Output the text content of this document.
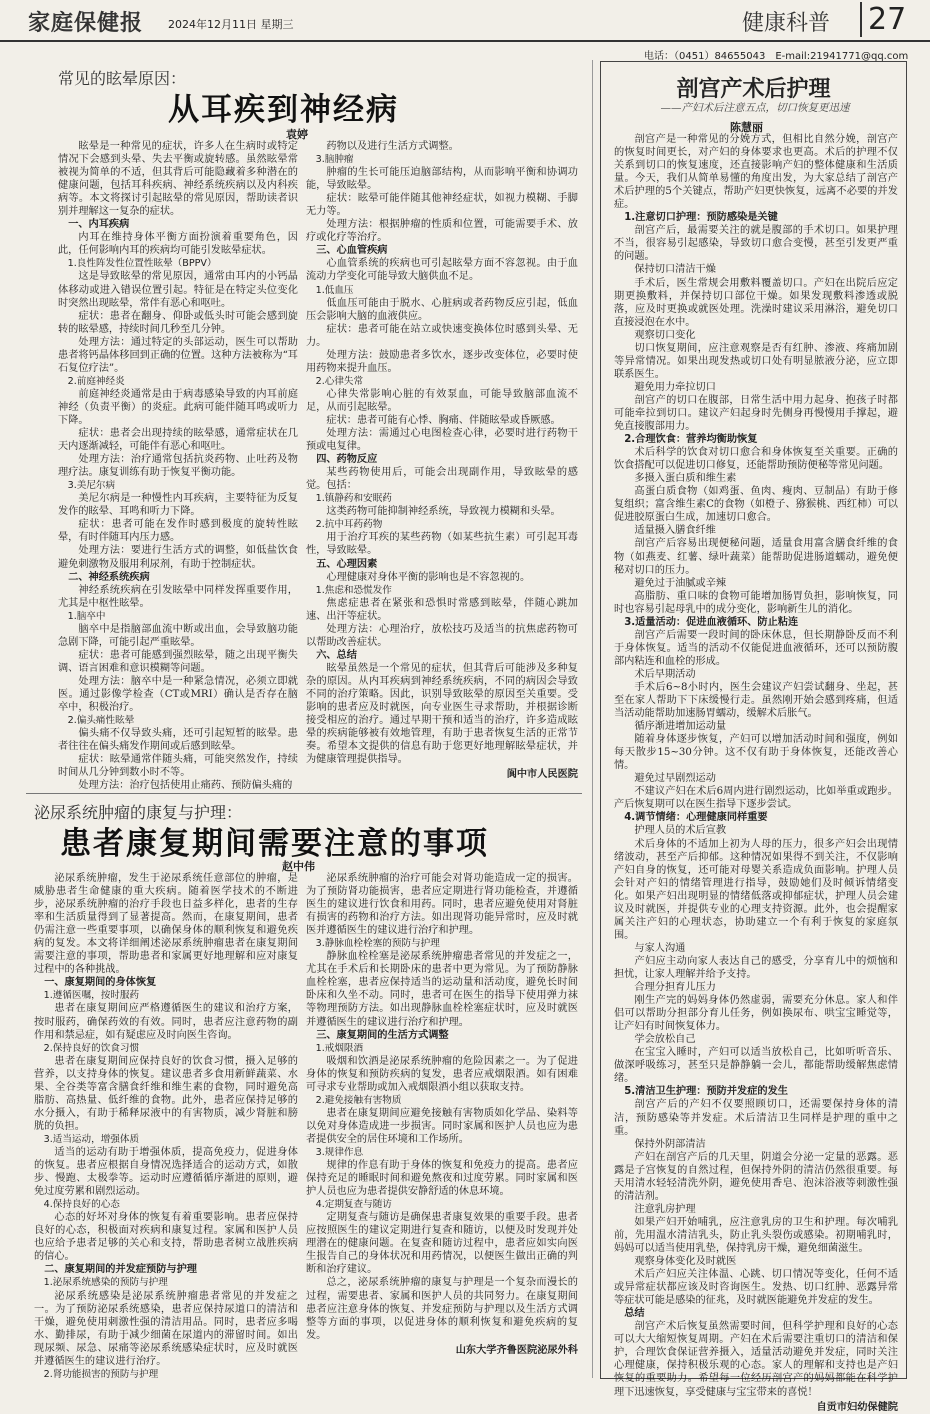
家庭保健报 2024年12月11日 星期三	健康科普 27
电话：（0451）84655043　E-mail:21941771@qq.com
常见的眩晕原因：
从耳疾到神经病
袁婷

眩晕是一种常见的症状，许多人在生病时或特定情况下会感到头晕、失去平衡或旋转感。虽然眩晕常被视为简单的不适，但其背后可能隐藏着多种潜在的健康问题，包括耳科疾病、神经系统疾病以及内科疾病等。本文将探讨引起眩晕的常见原因，帮助读者识别并理解这一复杂的症状。

一、内耳疾病

内耳在维持身体平衡方面扮演着重要角色，因此，任何影响内耳的疾病均可能引发眩晕症状。

1.良性阵发性位置性眩晕（BPPV）

这是导致眩晕的常见原因，通常由耳内的小钙晶体移动或进入错误位置引起。特征是在特定头位变化时突然出现眩晕，常伴有恶心和呕吐。

症状：患者在翻身、仰卧或低头时可能会感到旋转的眩晕感，持续时间几秒至几分钟。

处理方法：通过特定的头部运动，医生可以帮助患者将钙晶体移回到正确的位置。这种方法被称为“耳石复位疗法”。

2.前庭神经炎

前庭神经炎通常是由于病毒感染导致的内耳前庭神经（负责平衡）的炎症。此病可能伴随耳鸣或听力下降。

症状：患者会出现持续的眩晕感，通常症状在几天内逐渐减轻，可能伴有恶心和呕吐。

处理方法：治疗通常包括抗炎药物、止吐药及物理疗法。康复训练有助于恢复平衡功能。

3.美尼尔病

美尼尔病是一种慢性内耳疾病，主要特征为反复发作的眩晕、耳鸣和听力下降。

症状：患者可能在发作时感到极度的旋转性眩晕，有时伴随耳内压力感。

处理方法：要进行生活方式的调整，如低盐饮食避免刺激物及服用利尿剂，有助于控制症状。

二、神经系统疾病

神经系统疾病在引发眩晕中同样发挥重要作用，尤其是中枢性眩晕。

1.脑卒中

脑卒中是指脑部血流中断或出血，会导致脑功能急剧下降，可能引起严重眩晕。

症状：患者可能感到强烈眩晕，随之出现平衡失调、语言困难和意识模糊等问题。

处理方法：脑卒中是一种紧急情况，必须立即就医。通过影像学检查（CT或MRI）确认是否存在脑卒中，积极治疗。

2.偏头痛性眩晕

偏头痛不仅导致头痛，还可引起短暂的眩晕。患者往往在偏头痛发作期间或后感到眩晕。

症状：眩晕通常伴随头痛，可能突然发作，持续时间从几分钟到数小时不等。

处理方法：治疗包括使用止痛药、预防偏头痛的

药物以及进行生活方式调整。

3.脑肿瘤

肿瘤的生长可能压迫脑部结构，从而影响平衡和协调功能，导致眩晕。

症状：眩晕可能伴随其他神经症状，如视力模糊、手脚无力等。

处理方法：根据肿瘤的性质和位置，可能需要手术、放疗或化疗等治疗。

三、心血管疾病

心血管系统的疾病也可引起眩晕方面不容忽视。由于血流动力学变化可能导致大脑供血不足。

1.低血压

低血压可能由于脱水、心脏病或者药物反应引起，低血压会影响大脑的血液供应。

症状：患者可能在站立或快速变换体位时感到头晕、无力。

处理方法：鼓励患者多饮水，逐步改变体位，必要时使用药物来提升血压。

2.心律失常

心律失常影响心脏的有效泵血，可能导致脑部血流不足，从而引起眩晕。

症状：患者可能有心悸、胸痛、伴随眩晕或昏厥感。

处理方法：需通过心电图检查心律，必要时进行药物干预或电复律。

四、药物反应

某些药物使用后，可能会出现副作用，导致眩晕的感觉。包括：

1.镇静药和安眠药

这类药物可能抑制神经系统，导致视力模糊和头晕。

2.抗中耳药药物

用于治疗耳疾的某些药物（如某些抗生素）可引起耳毒性，导致眩晕。

五、心理因素

心理健康对身体平衡的影响也是不容忽视的。

1.焦虑和恐慌发作

焦虑症患者在紧张和恐惧时常感到眩晕，伴随心跳加速、出汗等症状。

处理方法：心理治疗，放松技巧及适当的抗焦虑药物可以帮助改善症状。

六、总结

眩晕虽然是一个常见的症状，但其背后可能涉及多种复杂的原因。从内耳疾病到神经系统疾病，不同的病因会导致不同的治疗策略。因此，识别导致眩晕的原因至关重要。受影响的患者应及时就医，向专业医生寻求帮助，并根据诊断接受相应的治疗。通过早期干预和适当的治疗，许多造成眩晕的疾病能够被有效地管理，有助于患者恢复生活的正常节奏。希望本文提供的信息有助于您更好地理解眩晕症状，并为健康管理提供指导。

阆中市人民医院

泌尿系统肿瘤的康复与护理：
患者康复期间需要注意的事项
赵中伟

泌尿系统肿瘤，发生于泌尿系统任意部位的肿瘤，是威胁患者生命健康的重大疾病。随着医学技术的不断进步，泌尿系统肿瘤的治疗手段也日益多样化，患者的生存率和生活质量得到了显著提高。然而，在康复期间，患者仍需注意一些重要事项，以确保身体的顺利恢复和避免疾病的复发。本文将详细阐述泌尿系统肿瘤患者在康复期间需要注意的事项，帮助患者和家属更好地理解和应对康复过程中的各种挑战。

一、康复期间的身体恢复

1.遵循医嘱，按时服药

患者在康复期间应严格遵循医生的建议和治疗方案，按时服药，确保药效的有效。同时，患者应注意药物的副作用和禁忌症，如有疑虑应及时向医生咨询。

2.保持良好的饮食习惯

患者在康复期间应保持良好的饮食习惯，摄入足够的营养，以支持身体的恢复。建议患者多食用新鲜蔬菜、水果、全谷类等富含膳食纤维和维生素的食物，同时避免高脂肪、高热量、低纤维的食物。此外，患者应保持足够的水分摄入，有助于稀释尿液中的有害物质，减少肾脏和膀胱的负担。

3.适当运动，增强体质

适当的运动有助于增强体质，提高免疫力，促进身体的恢复。患者应根据自身情况选择适合的运动方式，如散步、慢跑、太极拳等。运动时应遵循循序渐进的原则，避免过度劳累和剧烈运动。

4.保持良好的心态

心态的好坏对身体的恢复有着重要影响。患者应保持良好的心态，积极面对疾病和康复过程。家属和医护人员也应给予患者足够的关心和支持，帮助患者树立战胜疾病的信心。

二、康复期间的并发症预防与护理

1.泌尿系统感染的预防与护理

泌尿系统感染是泌尿系统肿瘤患者常见的并发症之一。为了预防泌尿系统感染，患者应保持尿道口的清洁和干燥，避免使用刺激性强的清洁用品。同时，患者应多喝水、勤排尿，有助于减少细菌在尿道内的滞留时间。如出现尿频、尿急、尿痛等泌尿系统感染症状时，应及时就医并遵循医生的建议进行治疗。

2.肾功能损害的预防与护理

泌尿系统肿瘤的治疗可能会对肾功能造成一定的损害。为了预防肾功能损害，患者应定期进行肾功能检查，并遵循医生的建议进行饮食和用药。同时，患者应避免使用对肾脏有损害的药物和治疗方法。如出现肾功能异常时，应及时就医并遵循医生的建议进行治疗和护理。

3.静脉血栓栓塞的预防与护理

静脉血栓栓塞是泌尿系统肿瘤患者常见的并发症之一，尤其在手术后和长期卧床的患者中更为常见。为了预防静脉血栓栓塞，患者应保持适当的运动量和活动度，避免长时间卧床和久坐不动。同时，患者可在医生的指导下使用弹力袜等物理预防方法。如出现静脉血栓栓塞症状时，应及时就医并遵循医生的建议进行治疗和护理。

三、康复期间的生活方式调整

1.戒烟限酒

吸烟和饮酒是泌尿系统肿瘤的危险因素之一。为了促进身体的恢复和预防疾病的复发，患者应戒烟限酒。如有困难可寻求专业帮助或加入戒烟限酒小组以获取支持。

2.避免接触有害物质

患者在康复期间应避免接触有害物质如化学品、染料等以免对身体造成进一步损害。同时家属和医护人员也应为患者提供安全的居住环境和工作场所。

3.规律作息

规律的作息有助于身体的恢复和免疫力的提高。患者应保持充足的睡眠时间和避免熬夜和过度劳累。同时家属和医护人员也应为患者提供安静舒适的休息环境。

4.定期复查与随访

定期复查与随访是确保患者康复效果的重要手段。患者应按照医生的建议定期进行复查和随访，以便及时发现并处理潜在的健康问题。在复查和随访过程中，患者应如实向医生报告自己的身体状况和用药情况，以便医生做出正确的判断和治疗建议。

总之，泌尿系统肿瘤的康复与护理是一个复杂而漫长的过程，需要患者、家属和医护人员的共同努力。在康复期间患者应注意身体的恢复、并发症预防与护理以及生活方式调整等方面的事项，以促进身体的顺利恢复和避免疾病的复发。

山东大学齐鲁医院泌尿外科

剖宫产术后护理
——产妇术后注意五点，切口恢复更迅速
陈慧丽

剖宫产是一种常见的分娩方式，但相比自然分娩，剖宫产的恢复时间更长，对产妇的身体要求也更高。术后的护理不仅关系到切口的恢复速度，还直接影响产妇的整体健康和生活质量。今天，我们从简单易懂的角度出发，为大家总结了剖宫产术后护理的5个关键点，帮助产妇更快恢复，远离不必要的并发症。

1.注意切口护理：预防感染是关键

剖宫产后，最需要关注的就是腹部的手术切口。如果护理不当，很容易引起感染，导致切口愈合变慢，甚至引发更严重的问题。

保持切口清洁干燥

手术后，医生常规会用敷料覆盖切口。产妇在出院后应定期更换敷料，并保持切口部位干燥。如果发现敷料渗透或脱落，应及时更换或就医处理。洗澡时建议采用淋浴，避免切口直接浸泡在水中。

观察切口变化

切口恢复期间，应注意观察是否有红肿、渗液、疼痛加剧等异常情况。如果出现发热或切口处有明显脓液分泌，应立即联系医生。

避免用力牵拉切口

剖宫产的切口在腹部，日常生活中用力起身、抱孩子时都可能牵拉到切口。建议产妇起身时先侧身再慢慢用手撑起，避免直接腹部用力。

2.合理饮食：营养均衡助恢复

术后科学的饮食对切口愈合和身体恢复至关重要。正确的饮食搭配可以促进切口修复，还能帮助预防便秘等常见问题。

多摄入蛋白质和维生素

高蛋白质食物（如鸡蛋、鱼肉、瘦肉、豆制品）有助于修复组织；富含维生素C的食物（如橙子、猕猴桃、西红柿）可以促进胶原蛋白生成，加速切口愈合。

适量摄入膳食纤维

剖宫产后容易出现便秘问题，适量食用富含膳食纤维的食物（如燕麦、红薯、绿叶蔬菜）能帮助促进肠道蠕动，避免便秘对切口的压力。

避免过于油腻或辛辣

高脂肪、重口味的食物可能增加肠胃负担，影响恢复，同时也容易引起母乳中的成分变化，影响新生儿的消化。

3.适量活动：促进血液循环、防止粘连

剖宫产后需要一段时间的卧床休息，但长期静卧反而不利于身体恢复。适当的活动不仅能促进血液循环，还可以预防腹部内粘连和血栓的形成。

术后早期活动

手术后6~8小时内，医生会建议产妇尝试翻身、坐起，甚至在家人帮助下下床缓慢行走。虽然刚开始会感到疼痛，但适当活动能帮助加速肠胃蠕动，缓解术后胀气。

循序渐进增加运动量

随着身体逐步恢复，产妇可以增加活动时间和强度，例如每天散步15~30分钟。这不仅有助于身体恢复，还能改善心情。

避免过早剧烈运动

不建议产妇在术后6周内进行剧烈运动，比如举重或跑步。产后恢复期可以在医生指导下逐步尝试。

4.调节情绪：心理健康同样重要

护理人员的术后宣教

术后身体的不适加上初为人母的压力，很多产妇会出现情绪波动，甚至产后抑郁。这种情况如果得不到关注，不仅影响产妇自身的恢复，还可能对母婴关系造成负面影响。护理人员会针对产妇的情绪管理进行指导，鼓励她们及时倾诉情绪变化。如果产妇出现明显的情绪低落或抑郁症状，护理人员会建议及时就医，并提供专业的心理支持资源。此外，也会提醒家属关注产妇的心理状态，协助建立一个有利于恢复的家庭氛围。

与家人沟通

产妇应主动向家人表达自己的感受，分享育儿中的烦恼和担忧，让家人理解并给予支持。

合理分担育儿压力

刚生产完的妈妈身体仍然虚弱，需要充分休息。家人和伴侣可以帮助分担部分育儿任务，例如换尿布、哄宝宝睡觉等，让产妇有时间恢复体力。

学会放松自己

在宝宝入睡时，产妇可以适当放松自己，比如听听音乐、做深呼吸练习，甚至只是静静躺一会儿，都能帮助缓解焦虑情绪。

5.清洁卫生护理：预防并发症的发生

剖宫产后的产妇不仅要照顾切口，还需要保持身体的清洁，预防感染等并发症。术后清洁卫生同样是护理的重中之重。

保持外阴部清洁

产妇在剖宫产后的几天里，阴道会分泌一定量的恶露。恶露是子宫恢复的自然过程，但保持外阴的清洁仍然很重要。每天用清水轻轻清洗外阴，避免使用香皂、泡沫浴液等刺激性强的清洁剂。

注意乳房护理

如果产妇开始哺乳，应注意乳房的卫生和护理。每次哺乳前，先用温水清洁乳头，防止乳头裂伤或感染。初期哺乳时，妈妈可以适当使用乳垫，保持乳房干燥，避免细菌滋生。

观察身体变化及时就医

术后产妇应关注体温、心跳、切口情况等变化，任何不适或异常症状都应该及时咨询医生。发热、切口红肿、恶露异常等症状可能是感染的征兆，及时就医能避免并发症的发生。

总结

剖宫产术后恢复虽然需要时间，但科学护理和良好的心态可以大大缩短恢复周期。产妇在术后需要注重切口的清洁和保护，合理饮食保证营养摄入，适量活动避免并发症，同时关注心理健康，保持积极乐观的心态。家人的理解和支持也是产妇恢复的重要助力。希望每一位经历剖宫产的妈妈都能在科学护理下迅速恢复，享受健康与宝宝带来的喜悦！

自贡市妇幼保健院
